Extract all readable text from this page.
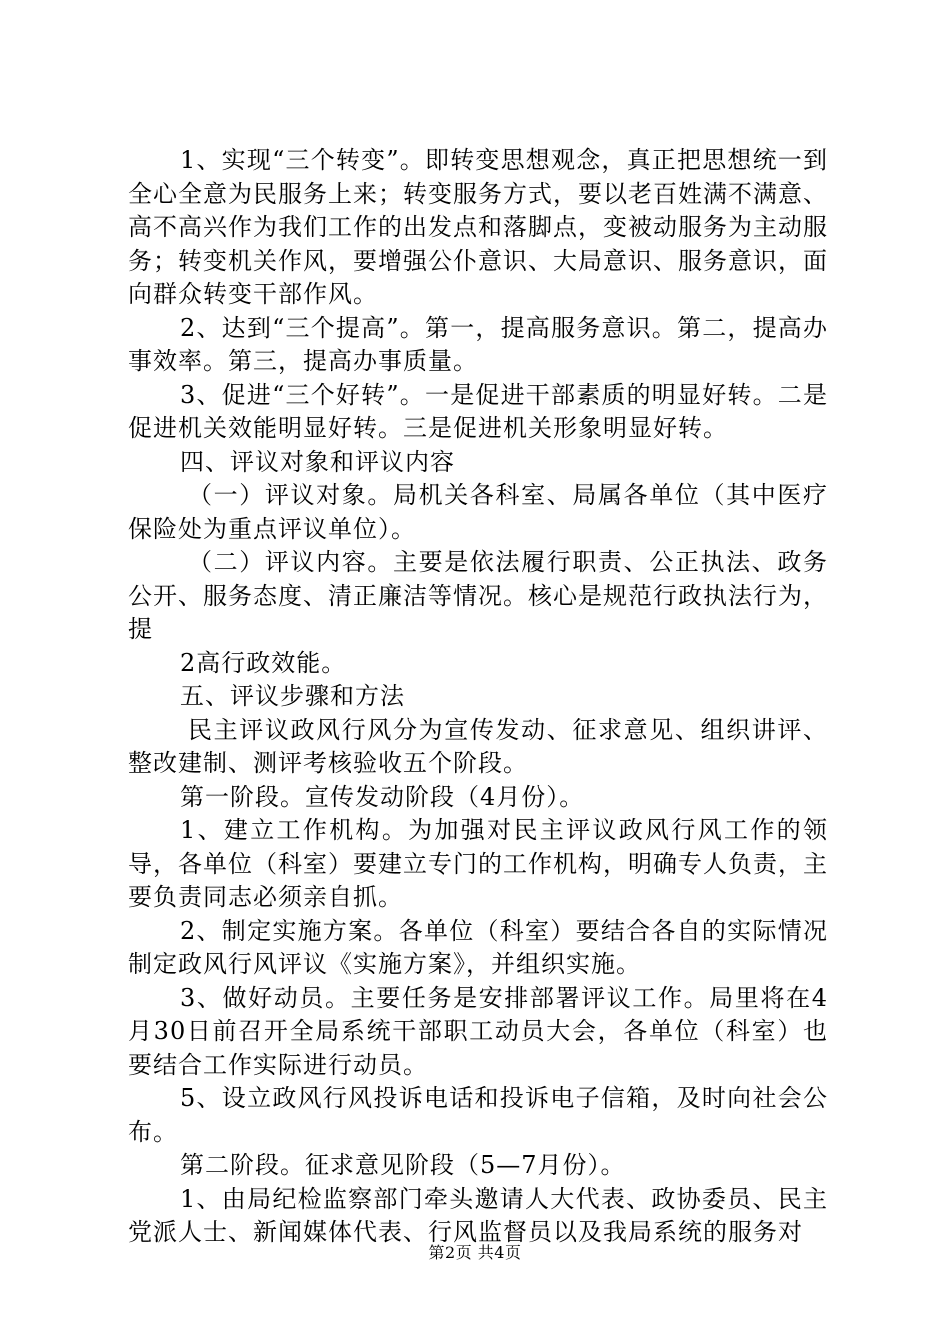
1、实现“三个转变”。即转变思想观念，真正把思想统一到全心全意为民服务上来；转变服务方式，要以老百姓满不满意、高不高兴作为我们工作的出发点和落脚点，变被动服务为主动服务；转变机关作风，要增强公仆意识、大局意识、服务意识，面向群众转变干部作风。

2、达到“三个提高”。第一，提高服务意识。第二，提高办事效率。第三，提高办事质量。

3、促进“三个好转”。一是促进干部素质的明显好转。二是促进机关效能明显好转。三是促进机关形象明显好转。

四、评议对象和评议内容

（一）评议对象。局机关各科室、局属各单位（其中医疗保险处为重点评议单位）。

（二）评议内容。主要是依法履行职责、公正执法、政务公开、服务态度、清正廉洁等情况。核心是规范行政执法行为，提

2高行政效能。

五、评议步骤和方法

民主评议政风行风分为宣传发动、征求意见、组织讲评、整改建制、测评考核验收五个阶段。

第一阶段。宣传发动阶段（4月份）。

1、建立工作机构。为加强对民主评议政风行风工作的领导，各单位（科室）要建立专门的工作机构，明确专人负责，主要负责同志必须亲自抓。

2、制定实施方案。各单位（科室）要结合各自的实际情况制定政风行风评议《实施方案》，并组织实施。

3、做好动员。主要任务是安排部署评议工作。局里将在4月30日前召开全局系统干部职工动员大会，各单位（科室）也要结合工作实际进行动员。

5、设立政风行风投诉电话和投诉电子信箱，及时向社会公布。

第二阶段。征求意见阶段（5—7月份）。

1、由局纪检监察部门牵头邀请人大代表、政协委员、民主党派人士、新闻媒体代表、行风监督员以及我局系统的服务对

第2页 共4页
